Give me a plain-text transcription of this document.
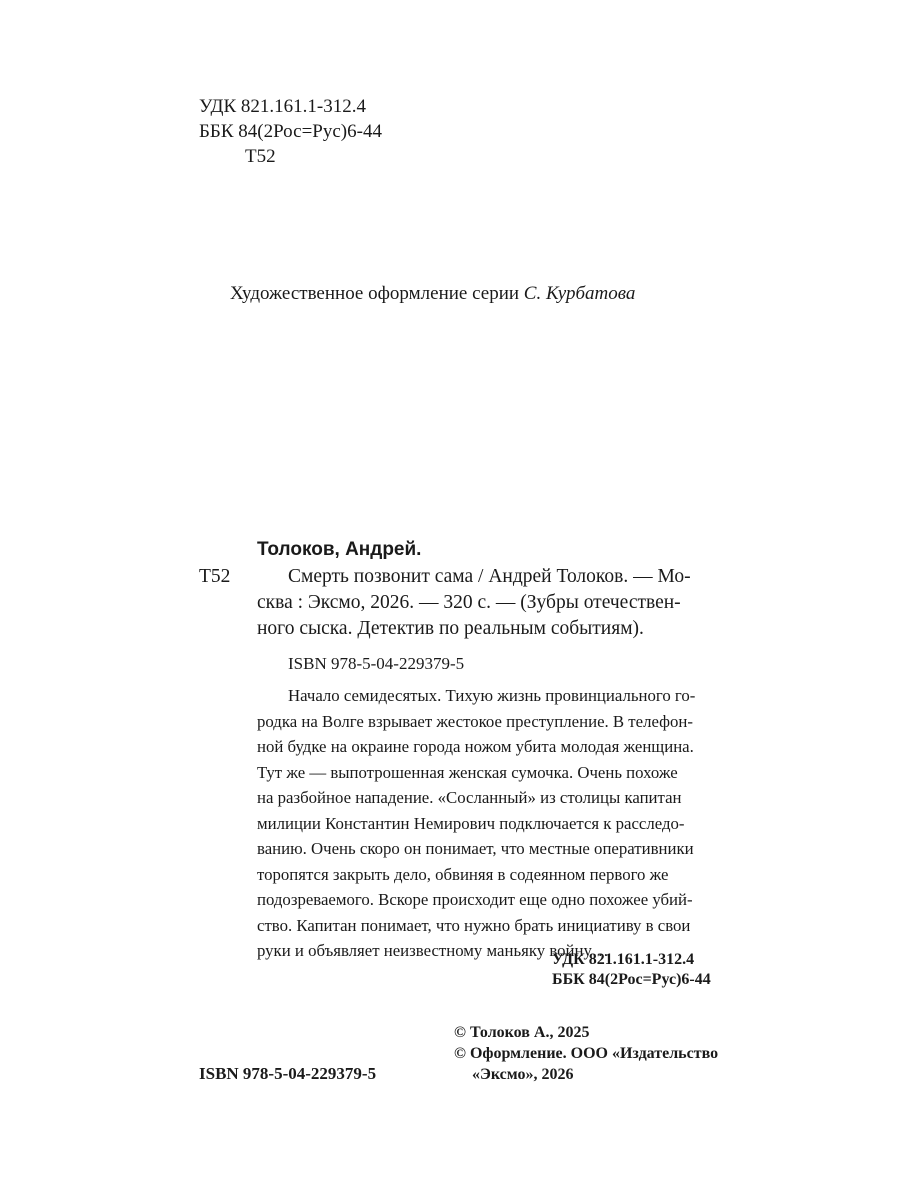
УДК 821.161.1-312.4
ББК 84(2Рос=Рус)6-44
Т52
Художественное оформление серии С. Курбатова
Толоков, Андрей.
Т52	Смерть позвонит сама / Андрей Толоков. — Мо-
сква : Эксмо, 2026. — 320 с. — (Зубры отечествен-
ного сыска. Детектив по реальным событиям).
ISBN 978-5-04-229379-5
Начало семидесятых. Тихую жизнь провинциального го-
родка на Волге взрывает жестокое преступление. В телефон-
ной будке на окраине города ножом убита молодая женщина.
Тут же — выпотрошенная женская сумочка. Очень похоже
на разбойное нападение. «Сосланный» из столицы капитан
милиции Константин Немирович подключается к расследо-
ванию. Очень скоро он понимает, что местные оперативники
торопятся закрыть дело, обвиняя в содеянном первого же
подозреваемого. Вскоре происходит еще одно похожее убий-
ство. Капитан понимает, что нужно брать инициативу в свои
руки и объявляет неизвестному маньяку войну…
УДК 821.161.1-312.4
ББК 84(2Рос=Рус)6-44
© Толоков А., 2025
© Оформление. ООО «Издательство
«Эксмо», 2026
ISBN 978-5-04-229379-5
